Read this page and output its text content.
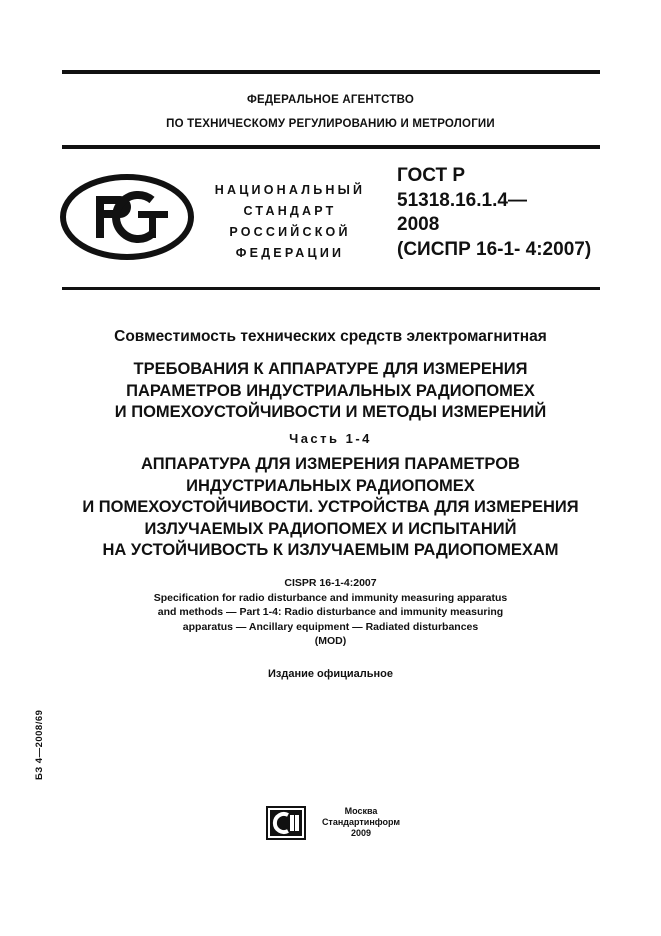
ФЕДЕРАЛЬНОЕ АГЕНТСТВО
ПО ТЕХНИЧЕСКОМУ РЕГУЛИРОВАНИЮ И МЕТРОЛОГИИ
НАЦИОНАЛЬНЫЙ
СТАНДАРТ
РОССИЙСКОЙ
ФЕДЕРАЦИИ
ГОСТ Р
51318.16.1.4—
2008
(СИСПР 16-1- 4:2007)
Совместимость технических средств электромагнитная
ТРЕБОВАНИЯ К АППАРАТУРЕ ДЛЯ ИЗМЕРЕНИЯ
ПАРАМЕТРОВ ИНДУСТРИАЛЬНЫХ РАДИОПОМЕХ
И ПОМЕХОУСТОЙЧИВОСТИ И МЕТОДЫ ИЗМЕРЕНИЙ
Часть 1-4
АППАРАТУРА ДЛЯ ИЗМЕРЕНИЯ ПАРАМЕТРОВ
ИНДУСТРИАЛЬНЫХ РАДИОПОМЕХ
И ПОМЕХОУСТОЙЧИВОСТИ. УСТРОЙСТВА ДЛЯ ИЗМЕРЕНИЯ
ИЗЛУЧАЕМЫХ РАДИОПОМЕХ И ИСПЫТАНИЙ
НА УСТОЙЧИВОСТЬ К ИЗЛУЧАЕМЫМ РАДИОПОМЕХАМ
CISPR 16-1-4:2007
Specification for radio disturbance and immunity measuring apparatus
and methods — Part 1-4: Radio disturbance and immunity measuring
apparatus — Ancillary equipment — Radiated disturbances
(MOD)
Издание официальное
БЗ 4—2008/69
Москва
Стандартинформ
2009
